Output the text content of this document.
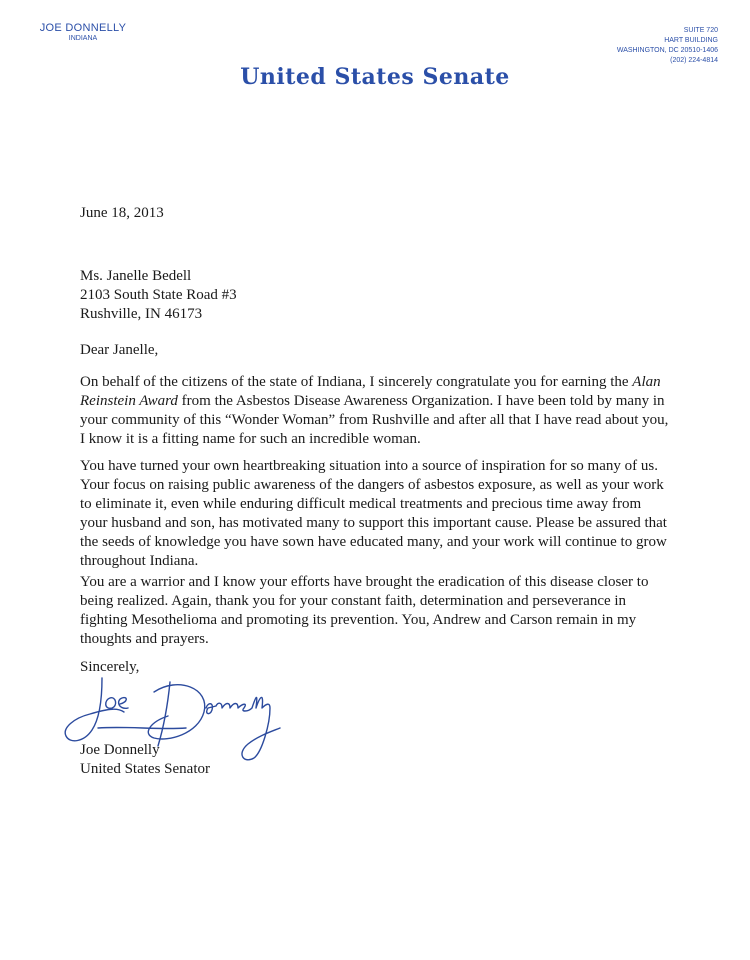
JOE DONNELLY
INDIANA
SUITE 720
HART BUILDING
WASHINGTON, DC 20510-1406
(202) 224-4814
United States Senate
June 18, 2013
Ms. Janelle Bedell
2103 South State Road #3
Rushville, IN 46173
Dear Janelle,

On behalf of the citizens of the state of Indiana, I sincerely congratulate you for earning the Alan Reinstein Award from the Asbestos Disease Awareness Organization. I have been told by many in your community of this “Wonder Woman” from Rushville and after all that I have read about you, I know it is a fitting name for such an incredible woman.

You have turned your own heartbreaking situation into a source of inspiration for so many of us. Your focus on raising public awareness of the dangers of asbestos exposure, as well as your work to eliminate it, even while enduring difficult medical treatments and precious time away from your husband and son, has motivated many to support this important cause. Please be assured that the seeds of knowledge you have sown have educated many, and your work will continue to grow throughout Indiana.

You are a warrior and I know your efforts have brought the eradication of this disease closer to being realized. Again, thank you for your constant faith, determination and perseverance in fighting Mesothelioma and promoting its prevention. You, Andrew and Carson remain in my thoughts and prayers.

Sincerely,
Joe Donnelly
United States Senator
